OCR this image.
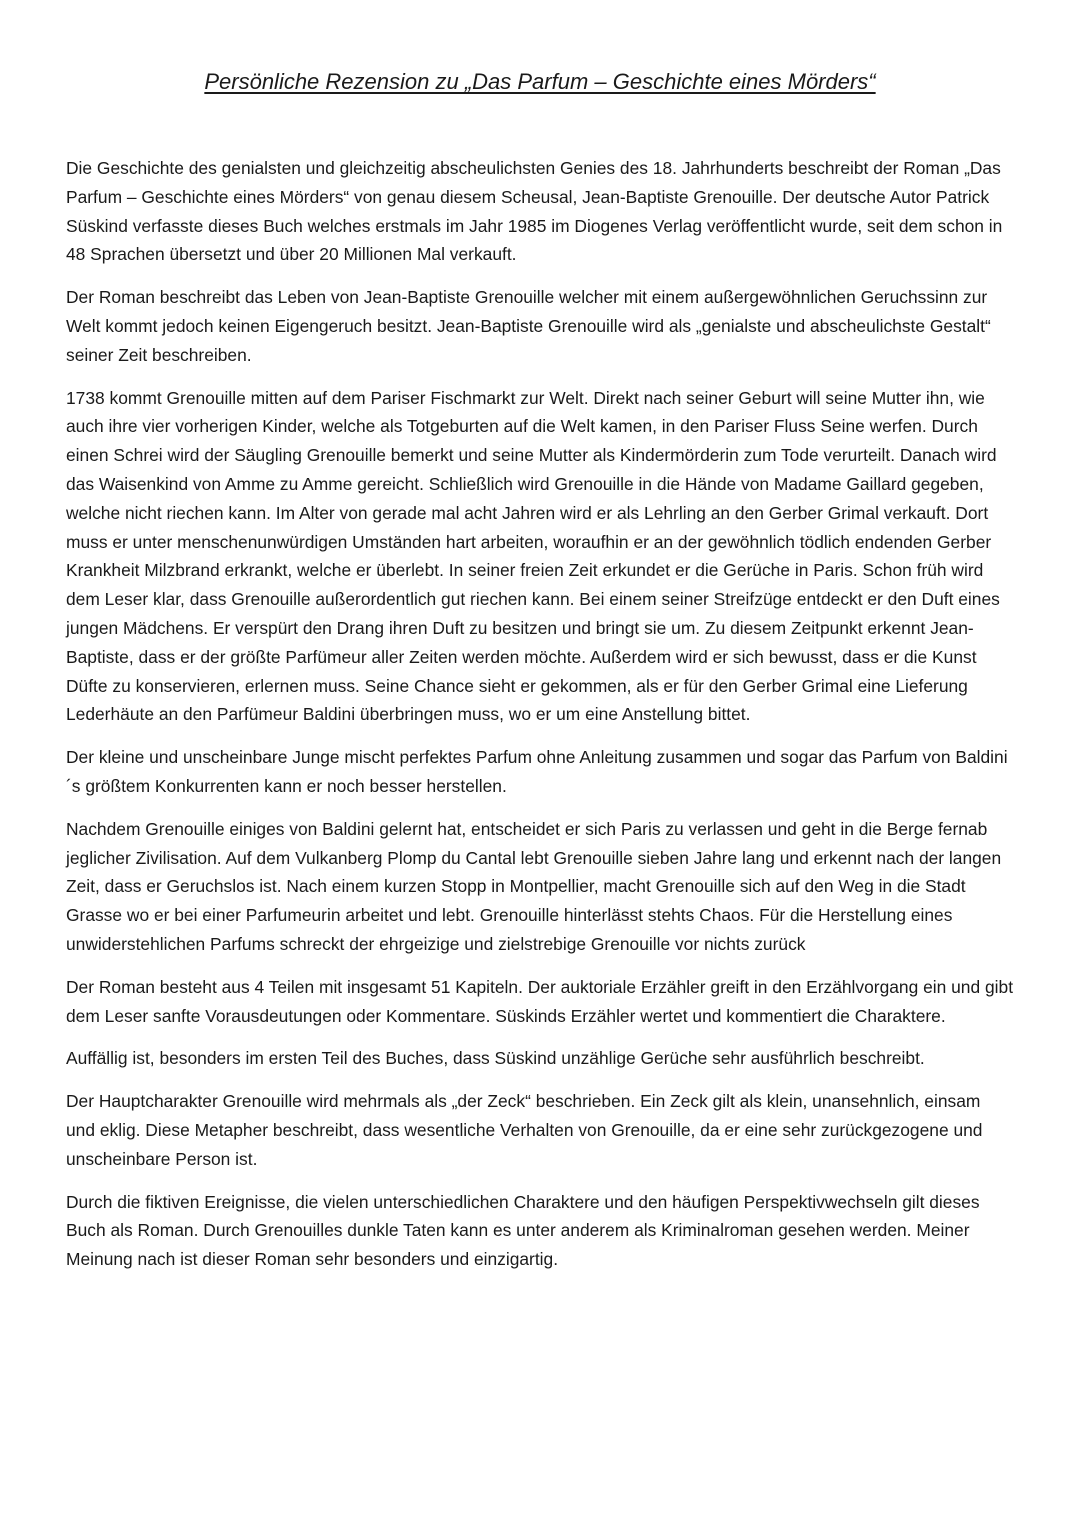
Persönliche Rezension zu „Das Parfum – Geschichte eines Mörders“

Die Geschichte des genialsten und gleichzeitig abscheulichsten Genies des 18. Jahrhunderts beschreibt der Roman „Das Parfum – Geschichte eines Mörders“ von genau diesem Scheusal, Jean-Baptiste Grenouille. Der deutsche Autor Patrick Süskind verfasste dieses Buch welches erstmals im Jahr 1985 im Diogenes Verlag veröffentlicht wurde, seit dem schon in 48 Sprachen übersetzt und über 20 Millionen Mal verkauft.

Der Roman beschreibt das Leben von Jean-Baptiste Grenouille welcher mit einem außergewöhnlichen Geruchssinn zur Welt kommt jedoch keinen Eigengeruch besitzt. Jean-Baptiste Grenouille wird als „genialste und abscheulichste Gestalt“ seiner Zeit beschreiben.

1738 kommt Grenouille mitten auf dem Pariser Fischmarkt zur Welt. Direkt nach seiner Geburt will seine Mutter ihn, wie auch ihre vier vorherigen Kinder, welche als Totgeburten auf die Welt kamen, in den Pariser Fluss Seine werfen. Durch einen Schrei wird der Säugling Grenouille bemerkt und seine Mutter als Kindermörderin zum Tode verurteilt. Danach wird das Waisenkind von Amme zu Amme gereicht. Schließlich wird Grenouille in die Hände von Madame Gaillard gegeben, welche nicht riechen kann. Im Alter von gerade mal acht Jahren wird er als Lehrling an den Gerber Grimal verkauft. Dort muss er unter menschenunwürdigen Umständen hart arbeiten, woraufhin er an der gewöhnlich tödlich endenden Gerber Krankheit Milzbrand erkrankt, welche er überlebt. In seiner freien Zeit erkundet er die Gerüche in Paris. Schon früh wird dem Leser klar, dass Grenouille außerordentlich gut riechen kann. Bei einem seiner Streifzüge entdeckt er den Duft eines jungen Mädchens. Er verspürt den Drang ihren Duft zu besitzen und bringt sie um. Zu diesem Zeitpunkt erkennt Jean-Baptiste, dass er der größte Parfümeur aller Zeiten werden möchte. Außerdem wird er sich bewusst, dass er die Kunst Düfte zu konservieren, erlernen muss. Seine Chance sieht er gekommen, als er für den Gerber Grimal eine Lieferung Lederhäute an den Parfümeur Baldini überbringen muss, wo er um eine Anstellung bittet.

Der kleine und unscheinbare Junge mischt perfektes Parfum ohne Anleitung zusammen und sogar das Parfum von Baldini´s größtem Konkurrenten kann er noch besser herstellen.

Nachdem Grenouille einiges von Baldini gelernt hat, entscheidet er sich Paris zu verlassen und geht in die Berge fernab jeglicher Zivilisation. Auf dem Vulkanberg Plomp du Cantal lebt Grenouille sieben Jahre lang und erkennt nach der langen Zeit, dass er Geruchslos ist. Nach einem kurzen Stopp in Montpellier, macht Grenouille sich auf den Weg in die Stadt Grasse wo er bei einer Parfumeurin arbeitet und lebt. Grenouille hinterlässt stehts Chaos. Für die Herstellung eines unwiderstehlichen Parfums schreckt der ehrgeizige und zielstrebige Grenouille vor nichts zurück

Der Roman besteht aus 4 Teilen mit insgesamt 51 Kapiteln. Der auktoriale Erzähler greift in den Erzählvorgang ein und gibt dem Leser sanfte Vorausdeutungen oder Kommentare. Süskinds Erzähler wertet und kommentiert die Charaktere.

Auffällig ist, besonders im ersten Teil des Buches, dass Süskind unzählige Gerüche sehr ausführlich beschreibt.

Der Hauptcharakter Grenouille wird mehrmals als „der Zeck“ beschrieben. Ein Zeck gilt als klein, unansehnlich, einsam und eklig. Diese Metapher beschreibt, dass wesentliche Verhalten von Grenouille, da er eine sehr zurückgezogene und unscheinbare Person ist.

Durch die fiktiven Ereignisse, die vielen unterschiedlichen Charaktere und den häufigen Perspektivwechseln gilt dieses Buch als Roman. Durch Grenouilles dunkle Taten kann es unter anderem als Kriminalroman gesehen werden. Meiner Meinung nach ist dieser Roman sehr besonders und einzigartig.
